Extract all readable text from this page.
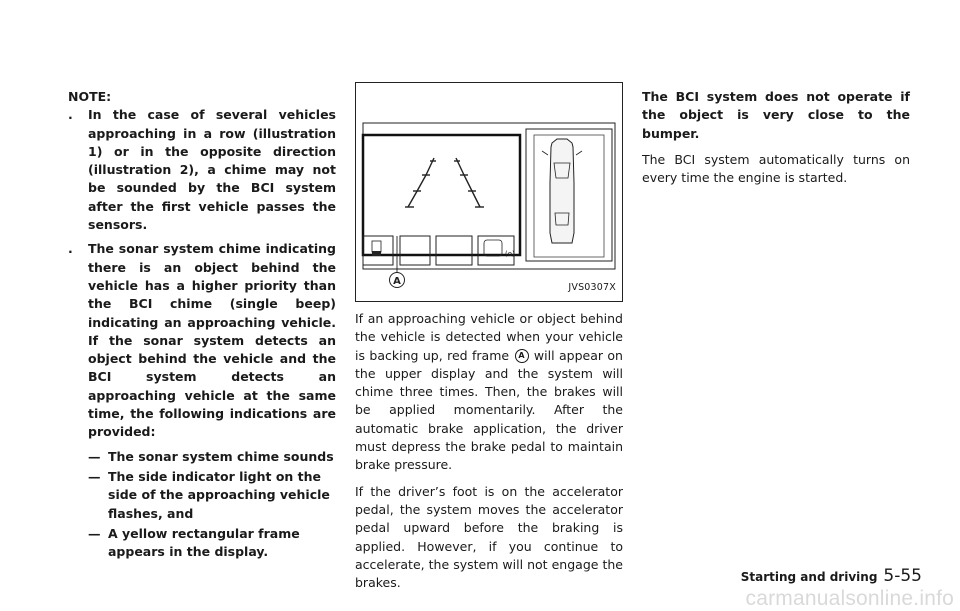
NOTE:
. In the case of several vehicles approaching in a row (illustration 1) or in the opposite direction (illustration 2), a chime may not be sounded by the BCI system after the first vehicle passes the sensors.
. The sonar system chime indicating there is an object behind the vehicle has a higher priority than the BCI chime (single beep) indicating an approaching vehicle. If the sonar system detects an object behind the vehicle and the BCI system detects an approaching vehicle at the same time, the following indications are provided:
— The sonar system chime sounds
— The side indicator light on the side of the approaching vehicle flashes, and
— A yellow rectangular frame appears in the display.
(o)
A
JVS0307X

If an approaching vehicle or object behind the vehicle is detected when your vehicle is backing up, red frame A will appear on the upper display and the system will chime three times. Then, the brakes will be applied momentarily. After the automatic brake application, the driver must depress the brake pedal to maintain brake pressure.

If the driver’s foot is on the accelerator pedal, the system moves the accelerator pedal upward before the braking is applied. However, if you continue to accelerate, the system will not engage the brakes.

The BCI system does not operate if the object is very close to the bumper.

The BCI system automatically turns on every time the engine is started.

Starting and driving 5-55
carmanualsonline.info
